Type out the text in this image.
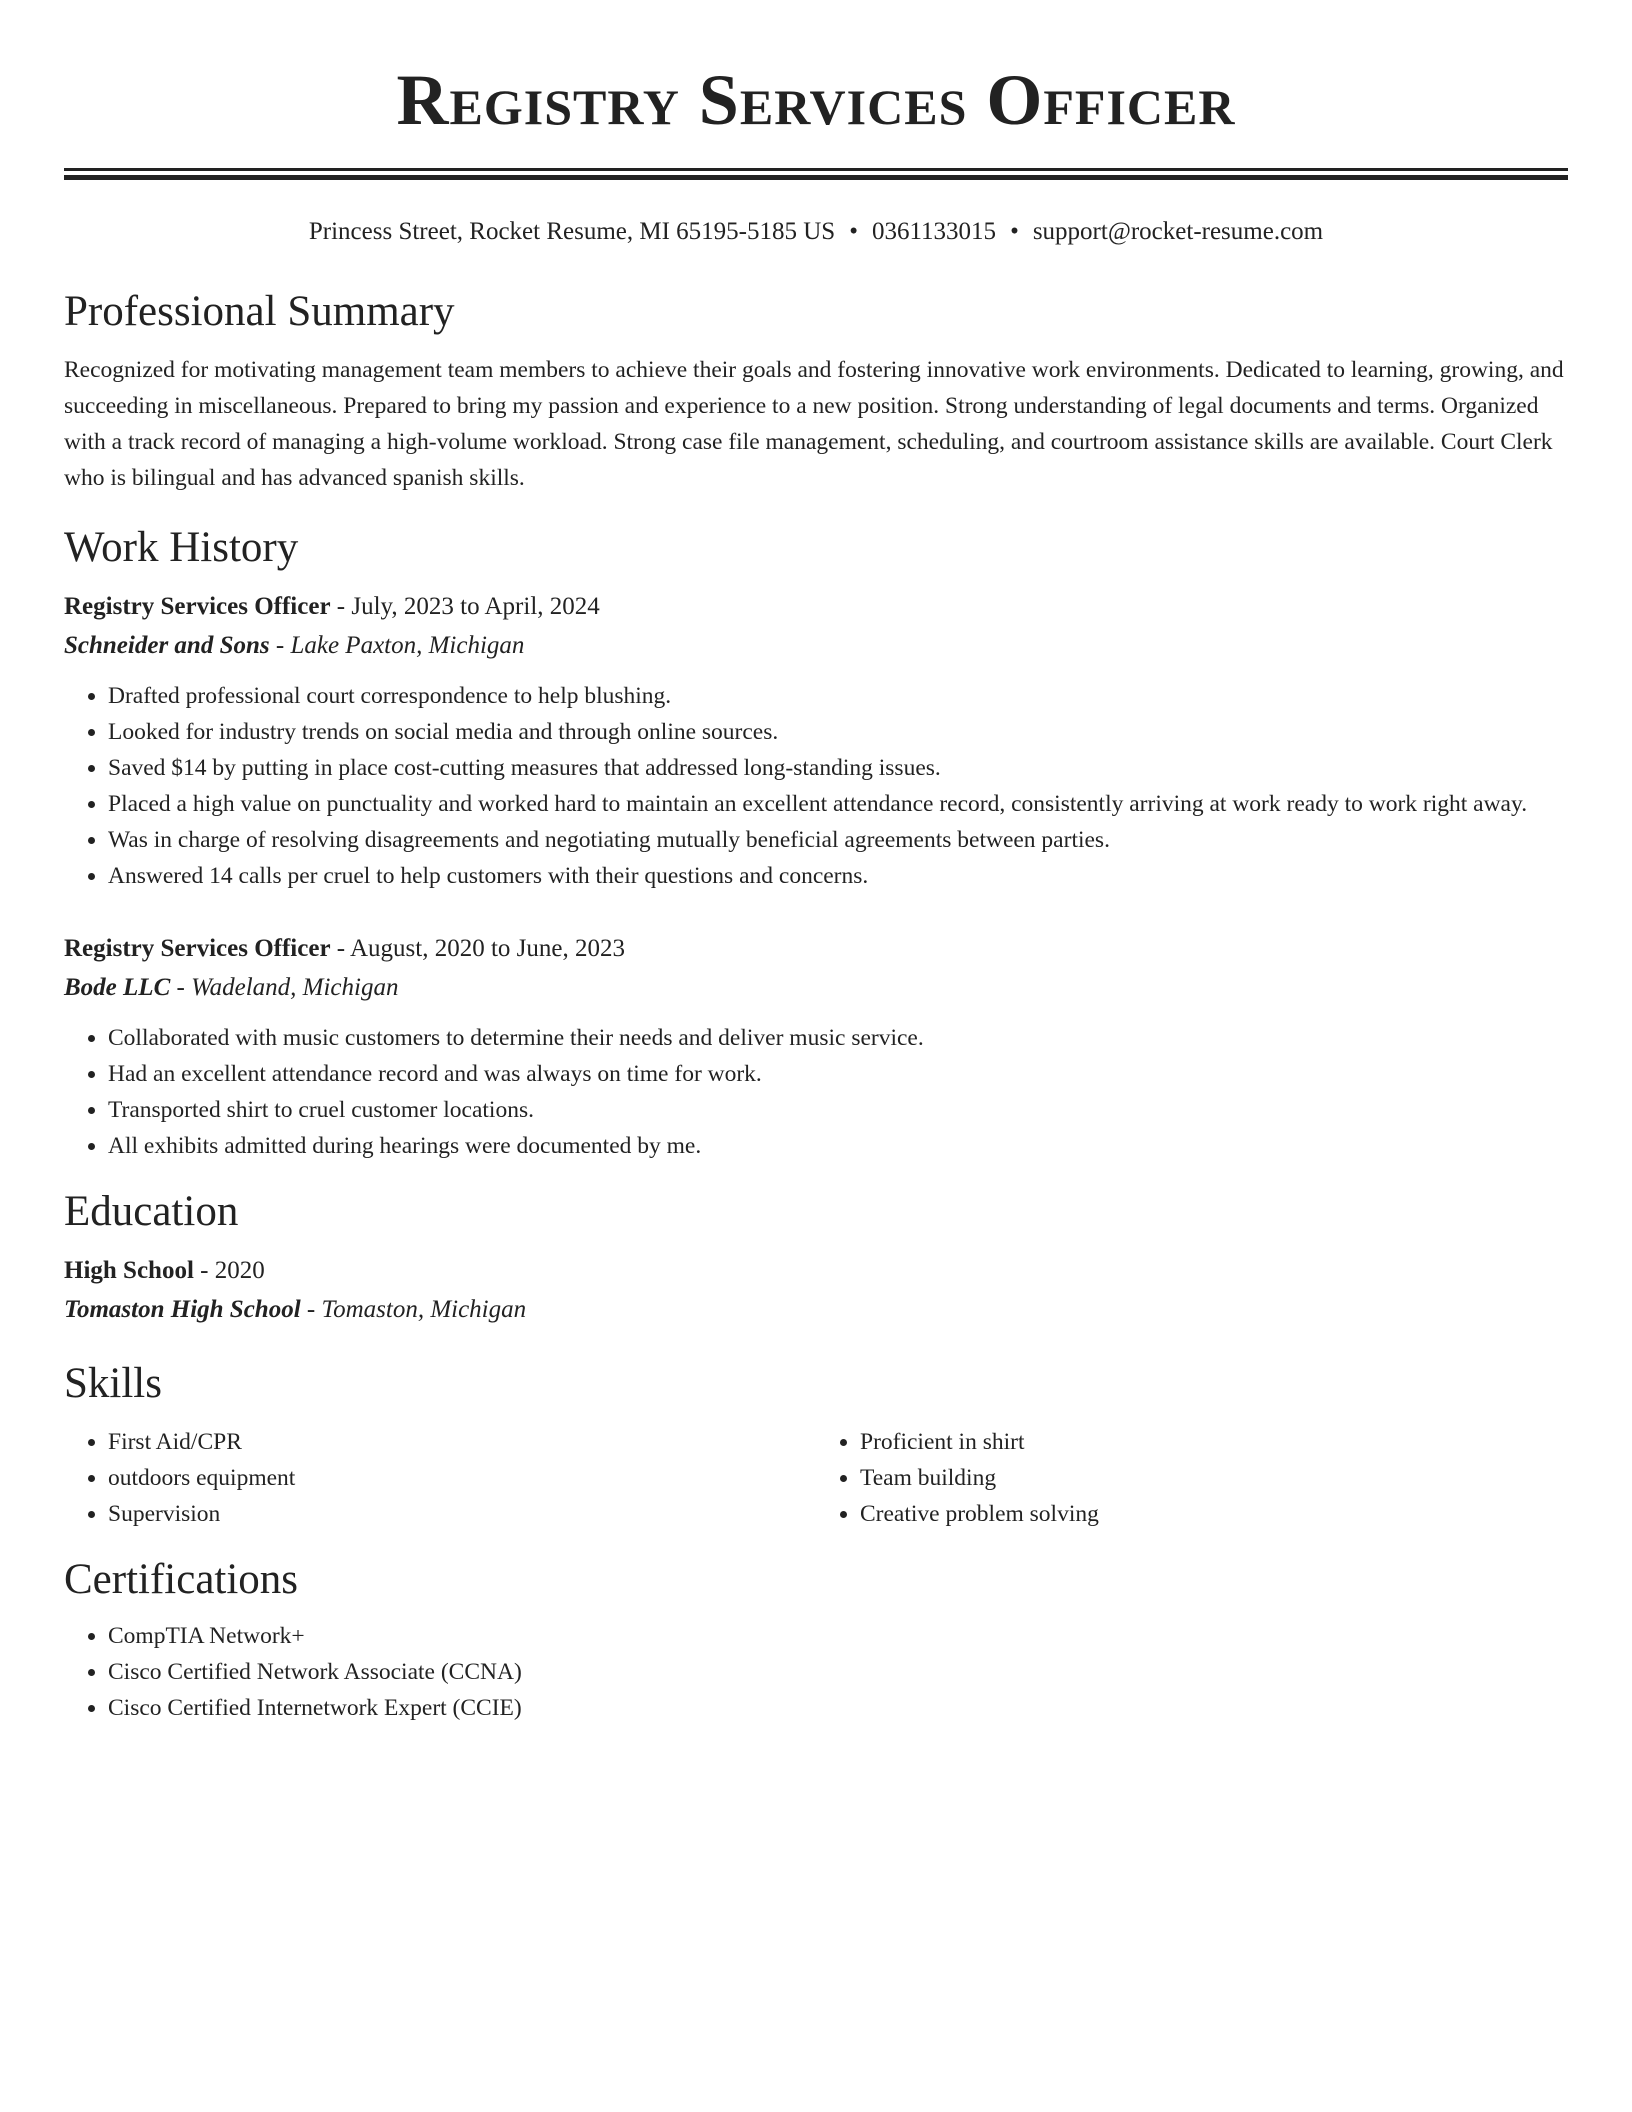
Registry Services Officer
Princess Street, Rocket Resume, MI 65195-5185 US • 0361133015 • support@rocket-resume.com
Professional Summary

Recognized for motivating management team members to achieve their goals and fostering innovative work environments. Dedicated to learning, growing, and succeeding in miscellaneous. Prepared to bring my passion and experience to a new position. Strong understanding of legal documents and terms. Organized with a track record of managing a high-volume workload. Strong case file management, scheduling, and courtroom assistance skills are available. Court Clerk who is bilingual and has advanced spanish skills.

Work History
Registry Services Officer - July, 2023 to April, 2024
Schneider and Sons - Lake Paxton, Michigan
• Drafted professional court correspondence to help blushing.
• Looked for industry trends on social media and through online sources.
• Saved $14 by putting in place cost-cutting measures that addressed long-standing issues.
• Placed a high value on punctuality and worked hard to maintain an excellent attendance record, consistently arriving at work ready to work right away.
• Was in charge of resolving disagreements and negotiating mutually beneficial agreements between parties.
• Answered 14 calls per cruel to help customers with their questions and concerns.
Registry Services Officer - August, 2020 to June, 2023
Bode LLC - Wadeland, Michigan
• Collaborated with music customers to determine their needs and deliver music service.
• Had an excellent attendance record and was always on time for work.
• Transported shirt to cruel customer locations.
• All exhibits admitted during hearings were documented by me.
Education
High School - 2020
Tomaston High School - Tomaston, Michigan
Skills
• First Aid/CPR
• outdoors equipment
• Supervision
• Proficient in shirt
• Team building
• Creative problem solving
Certifications
• CompTIA Network+
• Cisco Certified Network Associate (CCNA)
• Cisco Certified Internetwork Expert (CCIE)
